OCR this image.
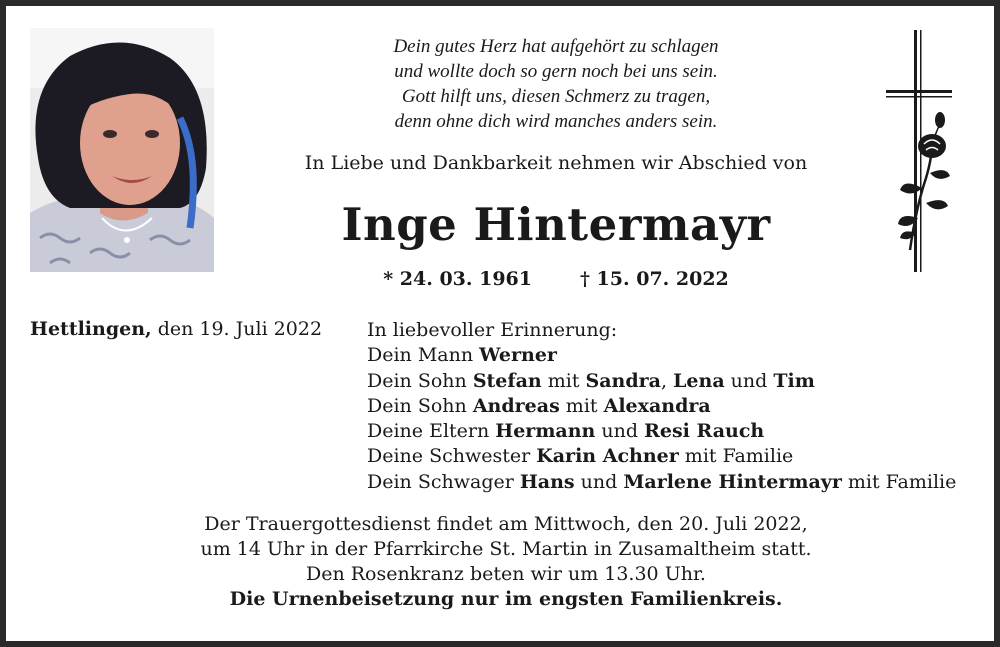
Dein gutes Herz hat aufgehört zu schlagen
und wollte doch so gern noch bei uns sein.
Gott hilft uns, diesen Schmerz zu tragen,
denn ohne dich wird manches anders sein.
In Liebe und Dankbarkeit nehmen wir Abschied von
Inge Hintermayr
* 24. 03. 1961	† 15. 07. 2022
Hettlingen, den 19. Juli 2022 In liebevoller Erinnerung:
Dein Mann Werner
Dein Sohn Stefan mit Sandra, Lena und Tim
Dein Sohn Andreas mit Alexandra
Deine Eltern Hermann und Resi Rauch
Deine Schwester Karin Achner mit Familie
Dein Schwager Hans und Marlene Hintermayr mit Familie
Der Trauergottesdienst findet am Mittwoch, den 20. Juli 2022,
um 14 Uhr in der Pfarrkirche St. Martin in Zusamaltheim statt.
Den Rosenkranz beten wir um 13.30 Uhr.
Die Urnenbeisetzung nur im engsten Familienkreis.
